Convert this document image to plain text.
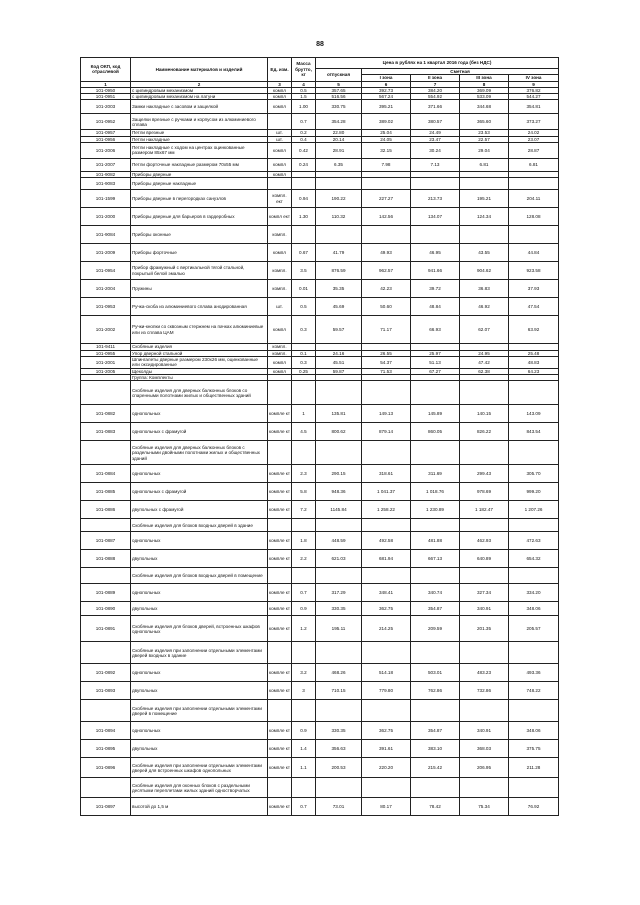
88
Код ОКП, код отраслевой	Наименование материалов и изделий	Ед. изм.	Масса брутто, кг	Цена в рублях на 1 квартал 2016 года (без НДС)				
				отпускная	Сметная			
					I зона	II зона	III зона	IV зона
1	2	3	4	5	6	7	8	9
101-0950	с цилиндровым механизмом	компл	0.5	357.65	392.73	384.20	369.09	376.82
101-0951	с цилиндровым механизмом на латуни	компл	1.5	516.56	567.24	554.92	533.09	544.27
101-2003	Замки накладные с засовом и защелкой	компл	1.00	330.75	395.21	371.66	344.68	354.81
101-0952	Защелки врезные с ручками и корпусом из алюминиевого сплава		0.7	354.28	389.02	380.57	365.60	373.27
101-0957	Петли врезные	шт.	0.2	22.80	25.04	24.49	23.53	24.02
101-0956	Петли накладные	шт.	0.4	20.14	24.05	23.47	22.57	23.07
101-2006	Петли накладные с ходом на центрах оцинкованные размером 85х67 мм	компл	0.42	28.91	32.15	30.24	29.04	28.87
101-2007	Петли форточные накладные размером 70х55 мм	компл	0.24	6.35	7.98	7.13	6.81	6.81
101-9082	Приборы дверные	компл						
101-9083	Приборы дверные накладные							
101-1599	Приборы дверные в перегородках санузлов	компл. ект	0.94	190.22	227.27	213.73	195.21	204.11
101-2000	Приборы дверные для барьеров в гардеробных	компл ект	1.30	110.32	142.56	134.07	124.34	128.08
101-9084	Приборы оконные	компл.						
101-2009	Приборы форточные	компл	0.67	41.79	49.93	46.95	43.55	44.84
101-0954	Прибор фрамужный с вертикальной тягой стальной, покрытый белой эмалью	компл.	3.5	876.59	962.57	941.66	904.62	923.58
101-2004	Пружины	компл.	0.01	35.35	42.23	39.72	36.83	37.93
101-0953	Ручка-скоба из алюминиевого сплава анодированная	шт.	0.5	45.69	50.60	48.84	46.92	47.54
101-2002	Ручки-кнопки со сквозным стержнем на пачках алюминиевые или из сплава ЦАМ	компл	0.3	59.57	71.17	66.93	62.07	63.92
101-9411	Скобяные изделия	компл.						
101-0955	Упор дверной стальной	компл.	0.1	24.16	26.55	25.97	24.95	25.48
101-2001	Шпингалеты дверные размером 230х26 мм, оцинкованные или оксидированные	компл	0.3	45.51	54.37	51.13	47.42	48.83
101-2005	Щеколды	компл	0.25	59.87	71.53	67.27	62.38	64.23
	Группа: Комплекты							
	Скобяные изделия для дверных балконных блоков со спаренными полотнами жилых и общественных зданий							
101-0882	однопольных	компле кт	1	135.81	149.13	145.89	140.15	143.09
101-0883	однопольных с фрамугой	компле кт	4.5	800.62	879.14	860.05	826.22	843.54
	Скобяные изделия для дверных балконных блоков с раздельными двойными полотнами жилых и общественных зданий							
101-0884	однопольных	компле кт	2.3	290.15	318.61	311.69	299.43	305.70
101-0885	однопольных с фрамугой	компле кт	5.8	948.36	1 041.37	1 018.76	978.69	999.20
101-0886	двупольных с фрамугой	компле кт	7.2	1145.84	1 258.22	1 230.89	1 182.47	1 207.26
	Скобяные изделия для блоков входных дверей в здание							
101-0887	однопольных	компле кт	1.8	448.59	492.58	481.88	462.93	472.63
101-0888	двупольных	компле кт	2.2	621.03	681.94	667.13	640.89	654.32
	Скобяные изделия для блоков входных дверей в помещение							
101-0889	однопольных	компле кт	0.7	317.29	348.41	340.74	327.34	334.20
101-0890	двупольных	компле кт	0.9	330.35	362.75	354.87	340.91	348.06
101-0891	Скобяные изделия для блоков дверей, встроенных шкафов однопольных	компле кт	1.2	195.11	214.25	209.59	201.35	205.57
	Скобяные изделия при заполнении отдельными элементами дверей входных в здание							
101-0892	однопольных	компле кт	3.2	468.26	514.18	503.01	483.23	493.36
101-0893	двупольных	компле кт	3	710.15	779.80	762.86	732.86	748.22
	Скобяные изделия при заполнении отдельными элементами дверей в помещение							
101-0894	однопольных	компле кт	0.9	330.35	362.75	354.87	340.91	348.06
101-0895	двупольных	компле кт	1.4	356.63	391.61	383.10	368.03	375.75
101-0896	Скобяные изделия при заполнении отдельными элементами дверей для встроенных шкафов однопольных	компле кт	1.1	200.53	220.20	215.42	206.95	211.28
	Скобяные изделия для оконных блоков с раздельными десятыми переплетами жилых зданий одностворчатых							
101-0897	высотой до 1,5 м	компле кт	0.7	73.01	80.17	78.42	75.34	76.92
